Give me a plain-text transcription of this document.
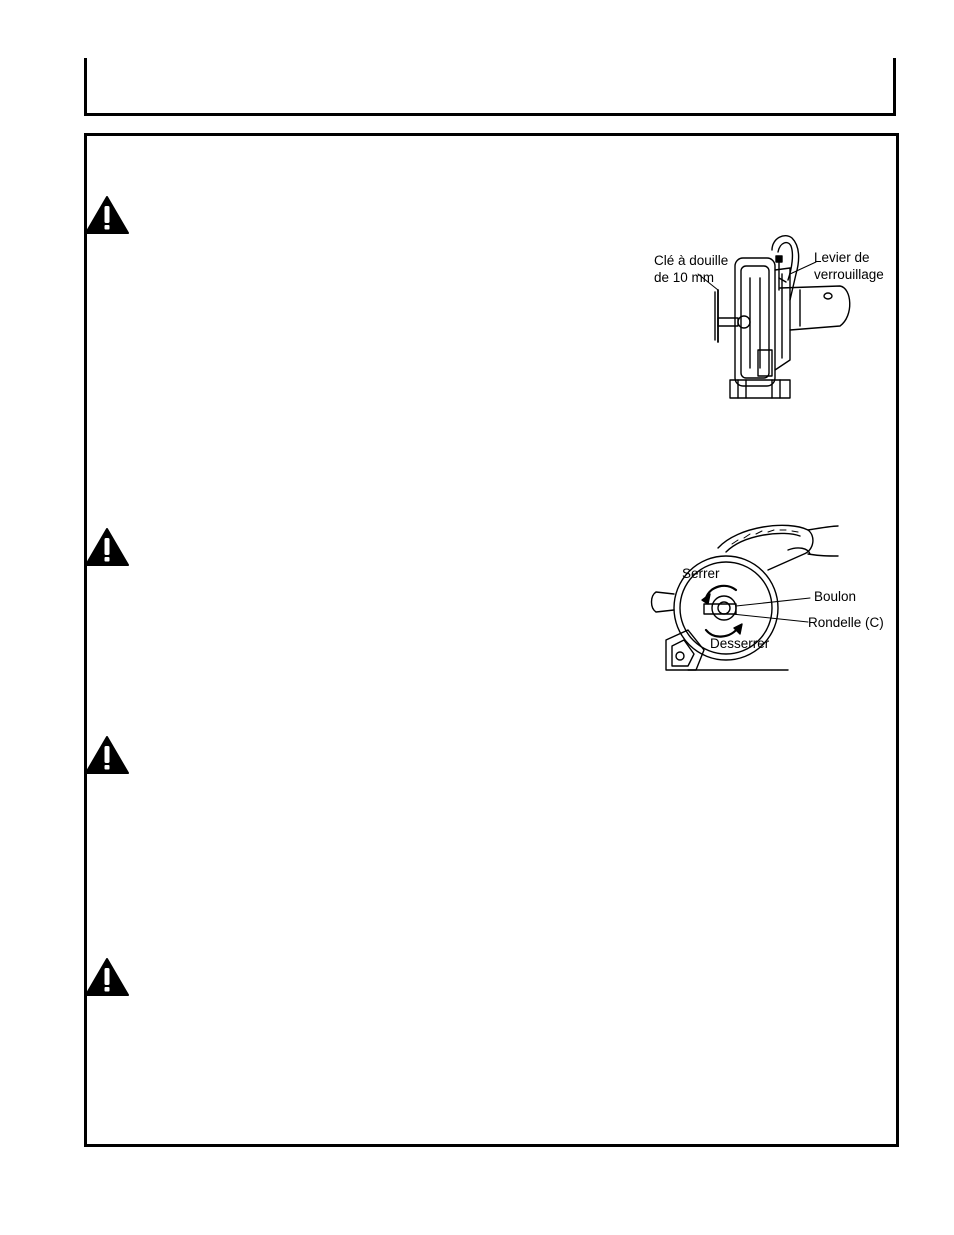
Clé à douille
de 10 mm
Levier de
verrouillage
Serrer
Boulon
Rondelle (C)
Desserrer
